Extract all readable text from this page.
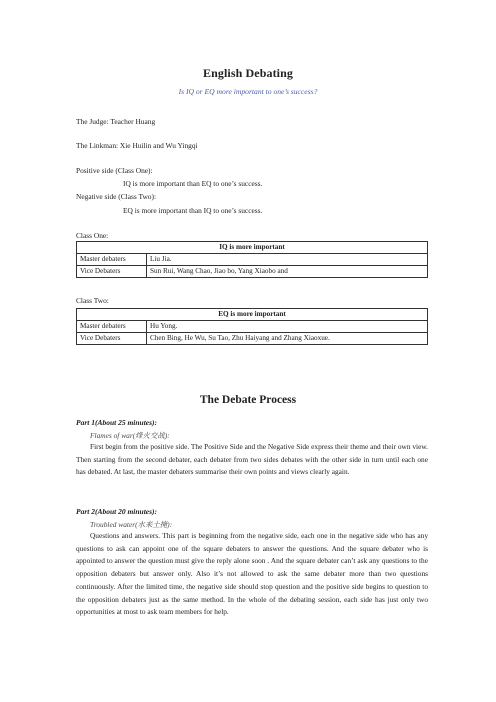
English Debating
Is IQ or EQ more important to one’s success?
The Judge: Teacher Huang
The Linkman: Xie Huilin and Wu Yingqi
Positive side (Class One):
IQ is more important than EQ to one’s success.
Negative side (Class Two):
EQ is more important than IQ to one’s success.
Class One:
IQ is more important	
Master debaters	Liu Jia.
Vice Debaters	Sun Rui, Wang Chao, Jiao bo, Yang Xiaobo and
Class Two:
EQ is more important	
Master debaters	Hu Yong.
Vice Debaters	Chen Bing, He Wu, Su Tao, Zhu Haiyang and Zhang Xiaoxue.
The Debate Process
Part 1(About 25 minutes):
Flames of war(烽火交战):
First begin from the positive side. The Positive Side and the Negative Side express their theme and their own view. Then starting from the second debater, each debater from two sides debates with the other side in turn until each one has debated. At last, the master debaters summarise their own points and views clearly again.
Part 2(About 20 minutes):
Troubled water(水来土掩):
Questions and answers. This part is beginning from the negative side, each one in the negative side who has any questions to ask can appoint one of the square debaters to answer the questions. And the square debater who is appointed to answer the question must give the reply alone soon . And the square debater can’t ask any questions to the opposition debaters but answer only. Also it’s not allowed to ask the same debater more than two questions continuously. After the limited time, the negative side should stop question and the positive side begins to question to the opposition debaters just as the same method. In the whole of the debating session, each side has just only two opportunities at most to ask team members for help.
